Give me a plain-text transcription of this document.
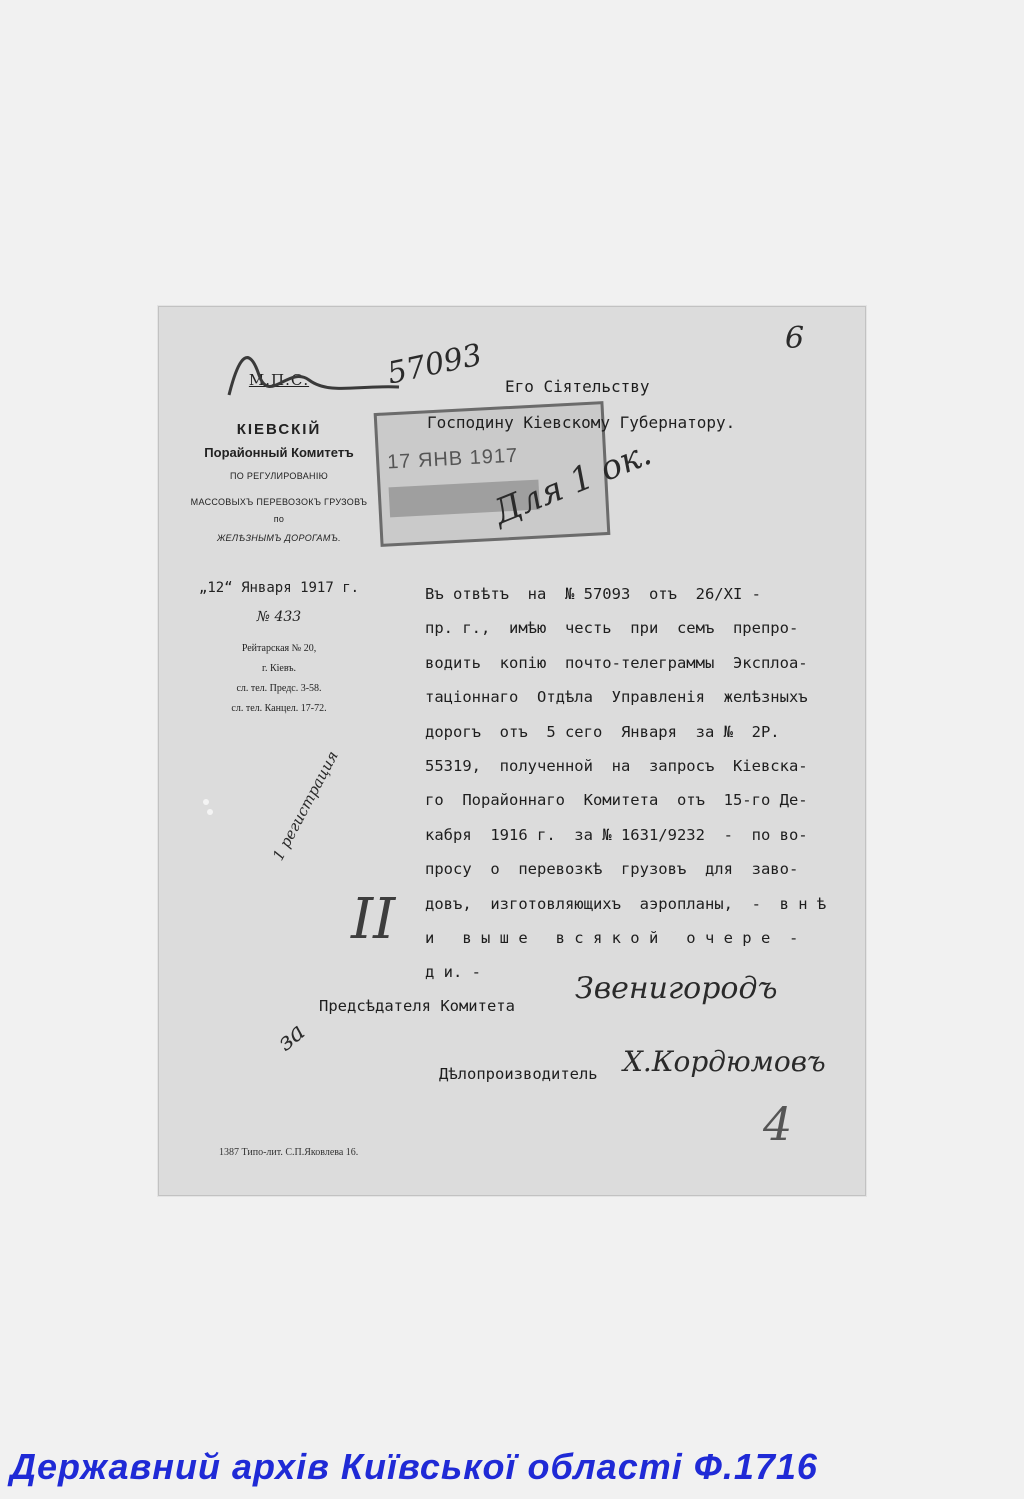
М.П.С.
КІЕВСКІЙ
Порайонный Комитетъ
ПО РЕГУЛИРОВАНІЮ
МАССОВЫХЪ ПЕРЕВОЗОКЪ ГРУЗОВЪ
по
ЖЕЛѢЗНЫМЪ ДОРОГАМЪ.
„12“ Января 1917 г.
№ 433
Рейтарская № 20,
г. Кіевъ.
сл. тел. Предс. 3-58.
сл. тел. Канцел. 17-72.
57093	6
17 ЯНВ 1917
Его Сіятельству
Господину Кіевскому Губернатору.
Для 1 ок.
Въ отвѣтъ  на  № 57093  отъ  26/XI -
пр. г.,  имѣю  честь  при  семъ  препро-
водить  копію  почто-телеграммы  Эксплоа-
таціоннаго  Отдѣла  Управленія  желѣзныхъ
дорогъ  отъ  5 сего  Января  за №  2Р.
55319,  полученной  на  запросъ  Кіевска-
го  Порайоннаго  Комитета  отъ  15-го Де-
кабря  1916 г.  за № 1631/9232  -  по во-
просу  о  перевозкѣ  грузовъ  для  заво-
довъ,  изготовляющихъ  аэропланы,  -  в н ѣ
и   в ы ш е   в с я к о й   о ч е р е  -
д и. -
1 регистрация
II
за
Предсѣдателя Комитета Звенигородъ
Дѣлопроизводитель Х.Кордюмовъ
4
1387 Типо-лит. С.П.Яковлева 16.
Державний архів Київської області Ф.1716
